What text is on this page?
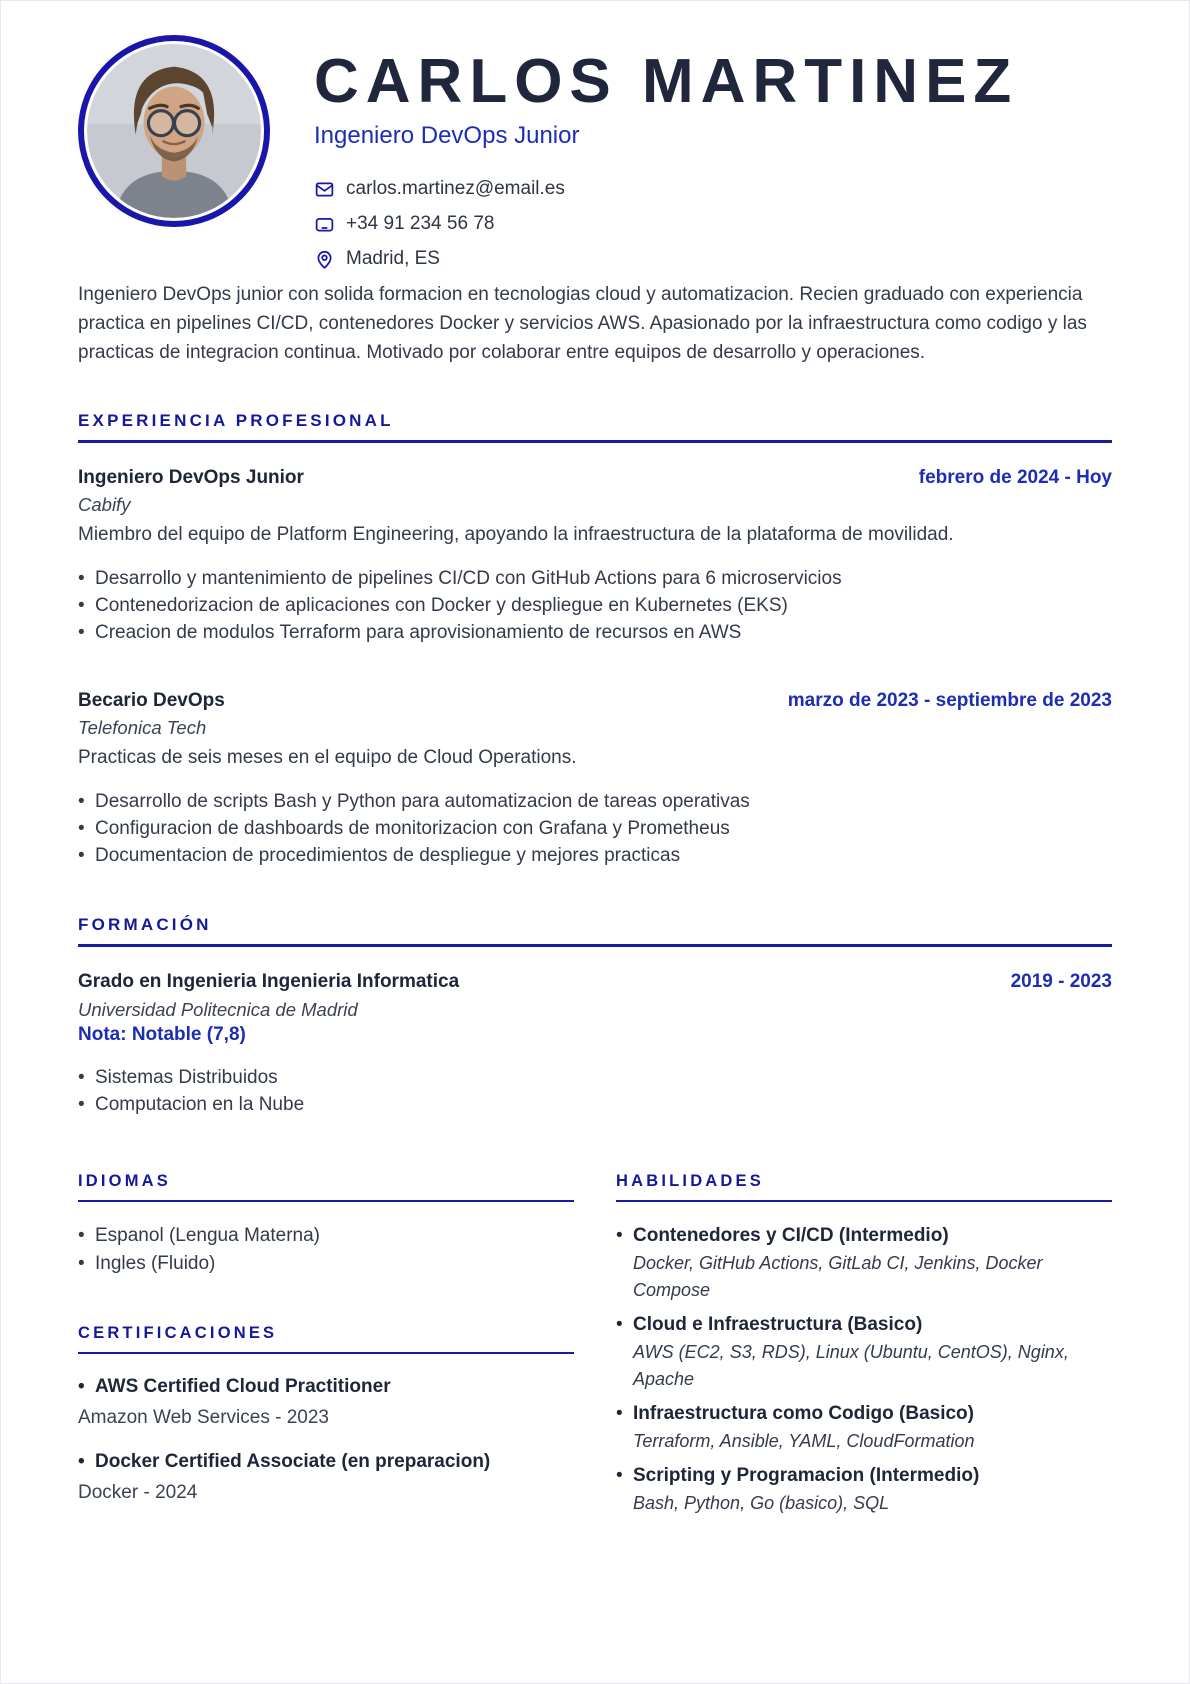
CARLOS MARTINEZ
Ingeniero DevOps Junior
carlos.martinez@email.es
+34 91 234 56 78
Madrid, ES

Ingeniero DevOps junior con solida formacion en tecnologias cloud y automatizacion. Recien graduado con experiencia practica en pipelines CI/CD, contenedores Docker y servicios AWS. Apasionado por la infraestructura como codigo y las practicas de integracion continua. Motivado por colaborar entre equipos de desarrollo y operaciones.

EXPERIENCIA PROFESIONAL
Ingeniero DevOps Junior	febrero de 2024 - Hoy
Cabify

Miembro del equipo de Platform Engineering, apoyando la infraestructura de la plataforma de movilidad.

• Desarrollo y mantenimiento de pipelines CI/CD con GitHub Actions para 6 microservicios
• Contenedorizacion de aplicaciones con Docker y despliegue en Kubernetes (EKS)
• Creacion de modulos Terraform para aprovisionamiento de recursos en AWS
Becario DevOps	marzo de 2023 - septiembre de 2023
Telefonica Tech

Practicas de seis meses en el equipo de Cloud Operations.

• Desarrollo de scripts Bash y Python para automatizacion de tareas operativas
• Configuracion de dashboards de monitorizacion con Grafana y Prometheus
• Documentacion de procedimientos de despliegue y mejores practicas
FORMACIÓN
Grado en Ingenieria Ingenieria Informatica	2019 - 2023
Universidad Politecnica de Madrid
Nota: Notable (7,8)
• Sistemas Distribuidos
• Computacion en la Nube
IDIOMAS
• Espanol (Lengua Materna)
• Ingles (Fluido)
CERTIFICACIONES
• AWS Certified Cloud Practitioner
Amazon Web Services - 2023
• Docker Certified Associate (en preparacion)
Docker - 2024
HABILIDADES
• Contenedores y CI/CD (Intermedio)
Docker, GitHub Actions, GitLab CI, Jenkins, Docker Compose
• Cloud e Infraestructura (Basico)
AWS (EC2, S3, RDS), Linux (Ubuntu, CentOS), Nginx, Apache
• Infraestructura como Codigo (Basico)
Terraform, Ansible, YAML, CloudFormation
• Scripting y Programacion (Intermedio)
Bash, Python, Go (basico), SQL
